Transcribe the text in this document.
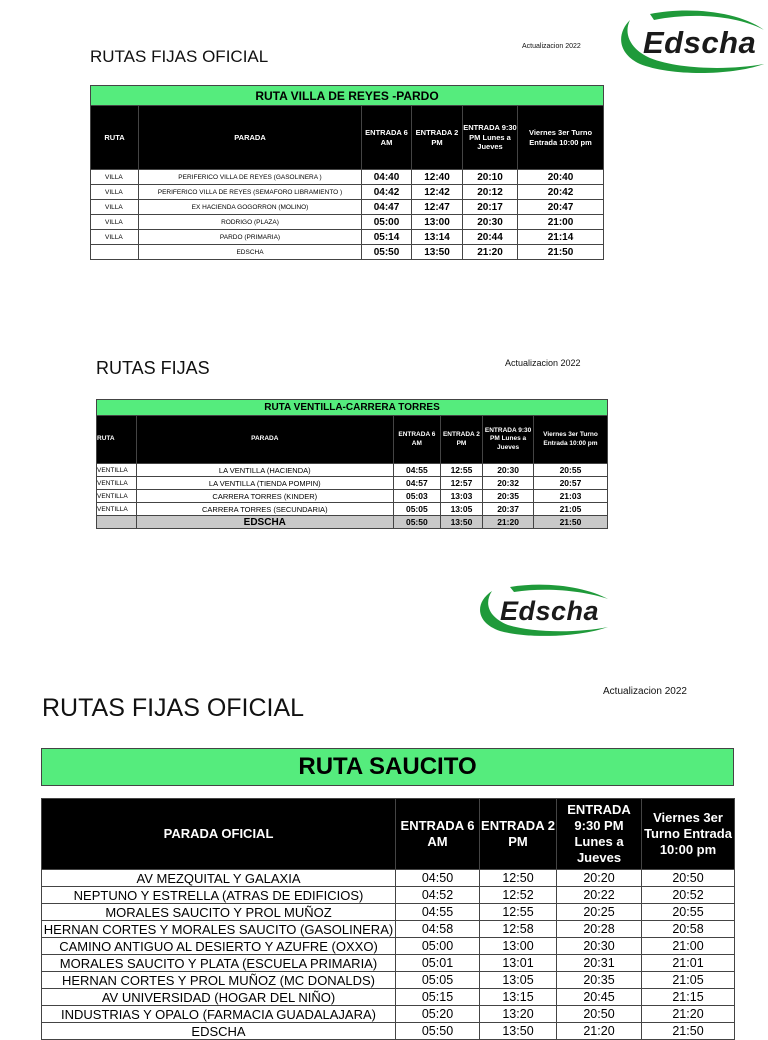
RUTAS FIJAS OFICIAL
Actualizacion 2022 Edscha
RUTA VILLA DE REYES -PARDO					
RUTA	PARADA	ENTRADA 6 AM	ENTRADA 2 PM	ENTRADA 9:30 PM Lunes a Jueves	Viernes 3er Turno Entrada 10:00 pm
VILLA	PERIFERICO VILLA DE REYES (GASOLINERA )	04:40	12:40	20:10	20:40
VILLA	PERIFERICO VILLA DE REYES (SEMAFORO LIBRAMIENTO )	04:42	12:42	20:12	20:42
VILLA	EX HACIENDA GOGORRON (MOLINO)	04:47	12:47	20:17	20:47
VILLA	RODRIGO (PLAZA)	05:00	13:00	20:30	21:00
VILLA	PARDO (PRIMARIA)	05:14	13:14	20:44	21:14
	EDSCHA	05:50	13:50	21:20	21:50
RUTAS FIJAS	Actualizacion 2022
RUTA VENTILLA-CARRERA TORRES					
RUTA	PARADA	ENTRADA 6 AM	ENTRADA 2 PM	ENTRADA 9:30 PM Lunes a Jueves	Viernes 3er Turno Entrada 10:00 pm
VENTILLA	LA VENTILLA (HACIENDA)	04:55	12:55	20:30	20:55
VENTILLA	LA VENTILLA (TIENDA POMPIN)	04:57	12:57	20:32	20:57
VENTILLA	CARRERA TORRES (KINDER)	05:03	13:03	20:35	21:03
VENTILLA	CARRERA TORRES (SECUNDARIA)	05:05	13:05	20:37	21:05
	EDSCHA	05:50	13:50	21:20	21:50
Edscha
RUTAS FIJAS OFICIAL
Actualizacion 2022
RUTA SAUCITO
PARADA OFICIAL	ENTRADA 6 AM	ENTRADA 2 PM	ENTRADA 9:30 PM Lunes a Jueves	Viernes 3er Turno Entrada 10:00 pm
AV MEZQUITAL Y GALAXIA	04:50	12:50	20:20	20:50
NEPTUNO Y ESTRELLA (ATRAS DE EDIFICIOS)	04:52	12:52	20:22	20:52
MORALES SAUCITO Y PROL MUÑOZ	04:55	12:55	20:25	20:55
HERNAN CORTES Y MORALES SAUCITO (GASOLINERA)	04:58	12:58	20:28	20:58
CAMINO ANTIGUO AL DESIERTO Y AZUFRE (OXXO)	05:00	13:00	20:30	21:00
MORALES SAUCITO Y PLATA (ESCUELA PRIMARIA)	05:01	13:01	20:31	21:01
HERNAN CORTES Y PROL MUÑOZ (MC DONALDS)	05:05	13:05	20:35	21:05
AV UNIVERSIDAD (HOGAR DEL NIÑO)	05:15	13:15	20:45	21:15
INDUSTRIAS Y OPALO (FARMACIA GUADALAJARA)	05:20	13:20	20:50	21:20
EDSCHA	05:50	13:50	21:20	21:50
